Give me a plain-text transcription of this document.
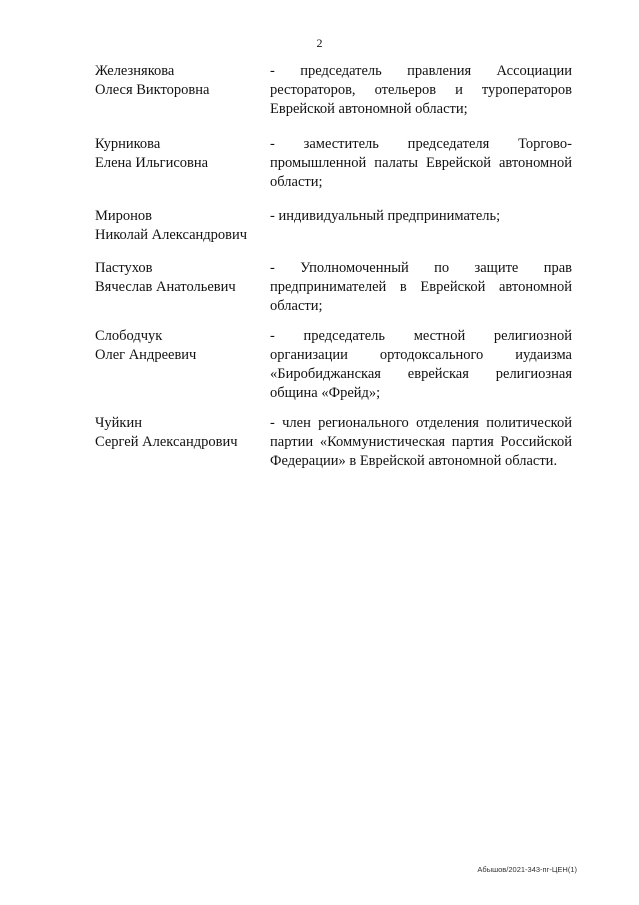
2
Железнякова
Олеся Викторовна
- председатель правления Ассоциации рестораторов, отельеров и туроператоров Еврейской автономной области;
Курникова
Елена Ильгисовна
- заместитель председателя Торгово-промышленной палаты Еврейской автономной области;
Миронов
Николай Александрович
- индивидуальный предприниматель;
Пастухов
Вячеслав Анатольевич
- Уполномоченный по защите прав предпринимателей в Еврейской автономной области;
Слободчук
Олег Андреевич
- председатель местной религиозной организации ортодоксального иудаизма «Биробиджанская еврейская религиозная община «Фрейд»;
Чуйкин
Сергей Александрович
- член регионального отделения политической партии «Коммунистическая партия Российской Федерации» в Еврейской автономной области.
Абышов/2021-343-пг-ЦЕН(1)
